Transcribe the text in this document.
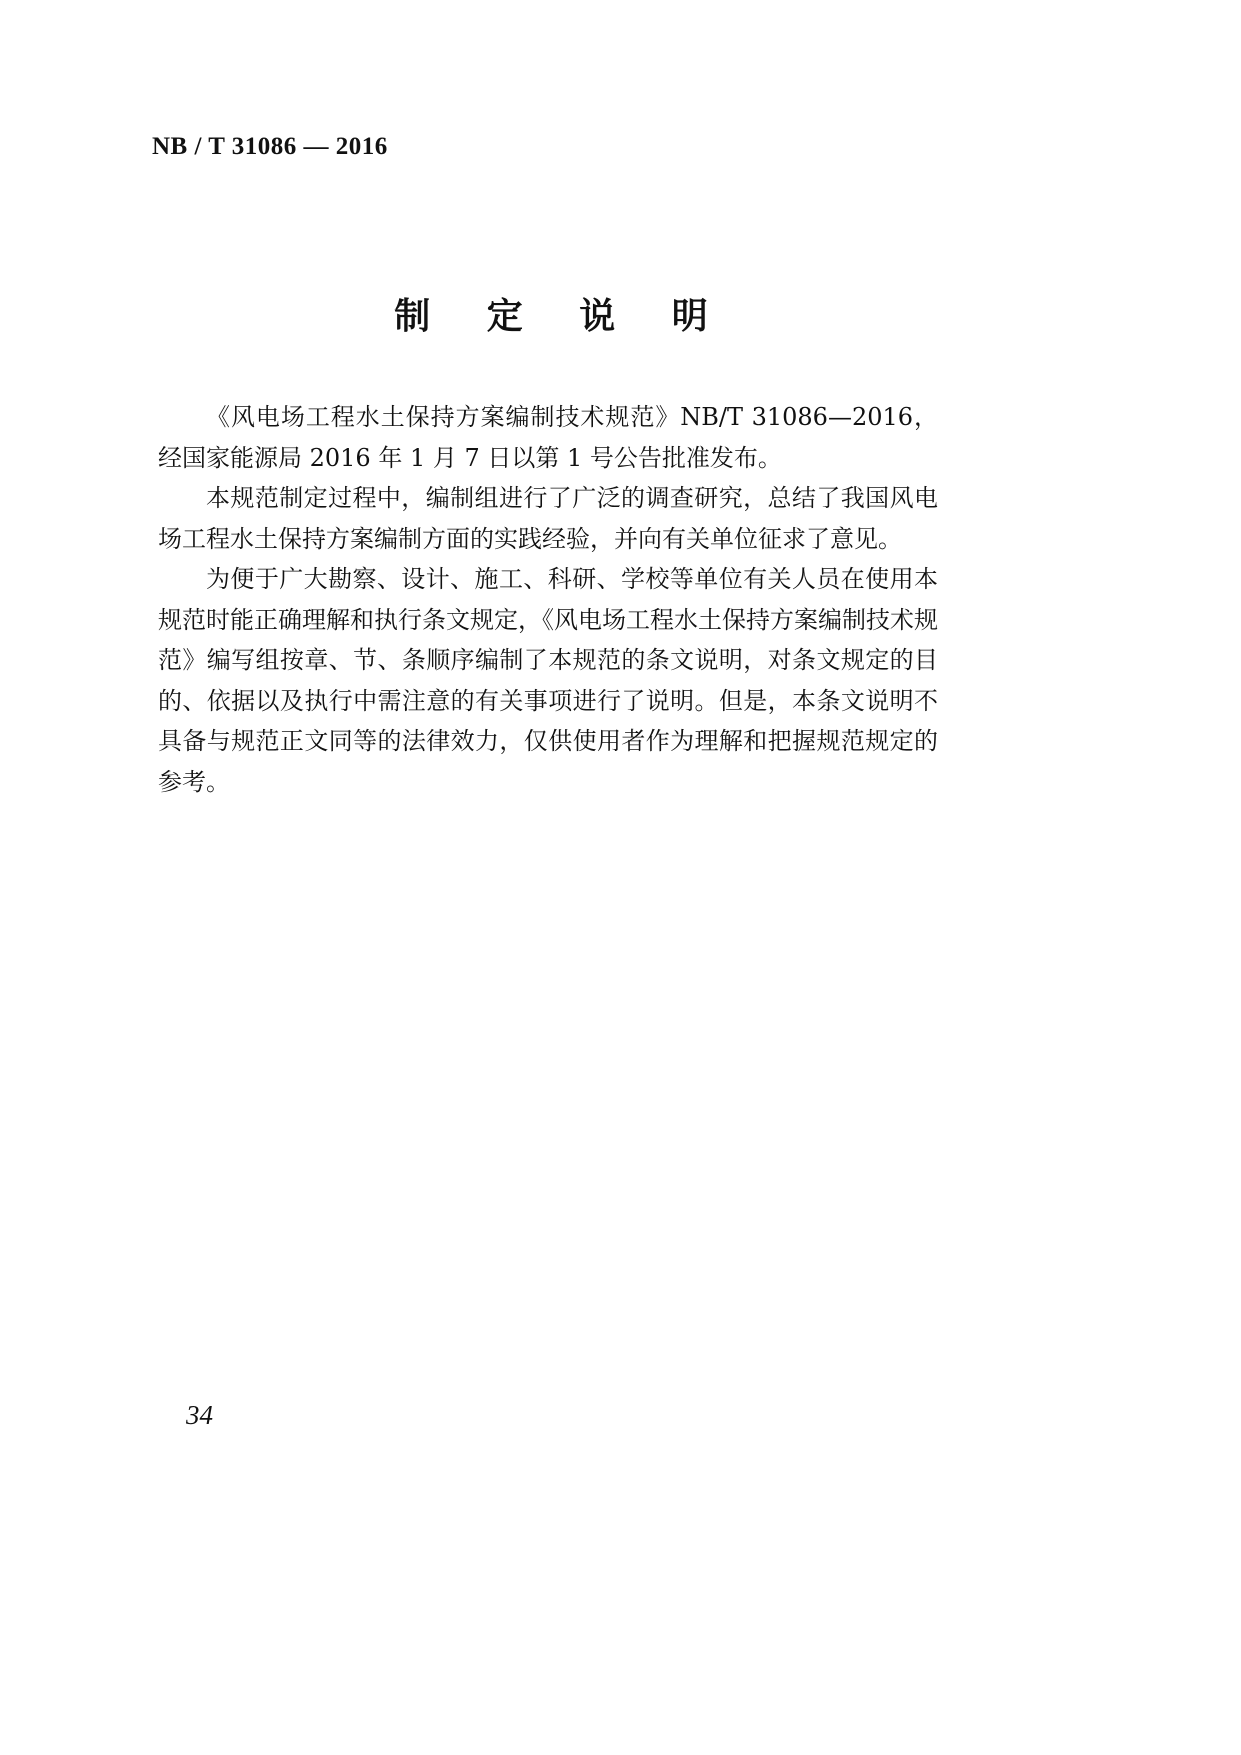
NB / T 31086 — 2016
制 定 说 明

《风电场工程水土保持方案编制技术规范》NB/T 31086—2016，经国家能源局 2016 年 1 月 7 日以第 1 号公告批准发布。

本规范制定过程中，编制组进行了广泛的调查研究，总结了我国风电场工程水土保持方案编制方面的实践经验，并向有关单位征求了意见。

为便于广大勘察、设计、施工、科研、学校等单位有关人员在使用本规范时能正确理解和执行条文规定，《风电场工程水土保持方案编制技术规范》编写组按章、节、条顺序编制了本规范的条文说明，对条文规定的目的、依据以及执行中需注意的有关事项进行了说明。但是，本条文说明不具备与规范正文同等的法律效力，仅供使用者作为理解和把握规范规定的参考。

34
